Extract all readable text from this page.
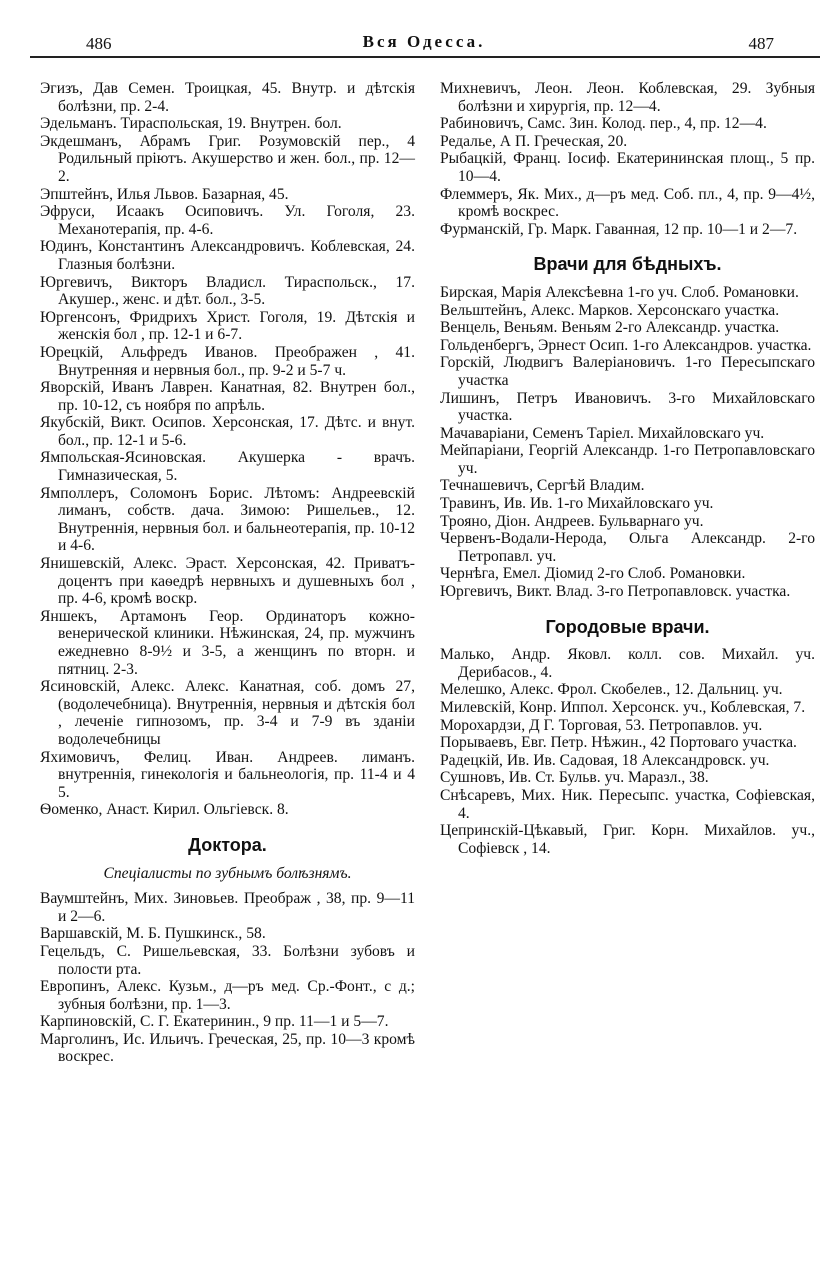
486	Вся Одесса.	487

Эгизъ, Дав Семен. Троицкая, 45. Внутр. и дѣтскія болѣзни, пр. 2-4.

Эдельманъ. Тираспольская, 19. Внутрен. бол.

Экдешманъ, Абрамъ Григ. Розумовскій пер., 4 Родильный пріютъ. Акушерство и жен. бол., пр. 12—2.

Эпштейнъ, Илья Львов. Базарная, 45.

Эфруси, Исаакъ Осиповичъ. Ул. Гоголя, 23. Механотерапія, пр. 4-6.

Юдинъ, Константинъ Александровичъ. Коблевская, 24. Глазныя болѣзни.

Юргевичъ, Викторъ Владисл. Тираспольск., 17. Акушер., женс. и дѣт. бол., 3-5.

Юргенсонъ, Фридрихъ Христ. Гоголя, 19. Дѣтскія и женскія бол , пр. 12-1 и 6-7.

Юрецкій, Альфредъ Иванов. Преображен , 41. Внутренняя и нервныя бол., пр. 9-2 и 5-7 ч.

Яворскій, Иванъ Лаврен. Канатная, 82. Внутрен бол., пр. 10-12, съ ноября по апрѣль.

Якубскій, Викт. Осипов. Херсонская, 17. Дѣтс. и внут. бол., пр. 12-1 и 5-6.

Ямпольская-Ясиновская. Акушерка - врачъ. Гимназическая, 5.

Ямполлеръ, Соломонъ Борис. Лѣтомъ: Андреевскій лиманъ, собств. дача. Зимою: Ришельев., 12. Внутреннія, нервныя бол. и бальнеотерапія, пр. 10-12 и 4-6.

Янишевскій, Алекс. Эраст. Херсонская, 42. Приватъ-доцентъ при каѳедрѣ нервныхъ и душевныхъ бол , пр. 4-6, кромѣ воскр.

Яншекъ, Артамонъ Геор. Ординаторъ кожно-венерической клиники. Нѣжинская, 24, пр. мужчинъ ежедневно 8-9½ и 3-5, а женщинъ по вторн. и пятниц. 2-3.

Ясиновскій, Алекс. Алекс. Канатная, соб. домъ 27, (водолечебница). Внутреннія, нервныя и дѣтскія бол , леченіе гипнозомъ, пр. 3-4 и 7-9 въ зданіи водолечебницы

Яхимовичъ, Фелиц. Иван. Андреев. лиманъ. внутреннія, гинекологія и бальнеологія, пр. 11-4 и 4 5.

Ѳоменко, Анаст. Кирил. Ольгіевск. 8.

Доктора.
Спеціалисты по зубнымъ болѣзнямъ.

Ваумштейнъ, Мих. Зиновьев. Преображ , 38, пр. 9—11 и 2—6.

Варшавскій, М. Б. Пушкинск., 58.

Гецельдъ, С. Ришельевская, 33. Болѣзни зубовъ и полости рта.

Европинъ, Алекс. Кузьм., д—ръ мед. Ср.-Фонт., с д.; зубныя болѣзни, пр. 1—3.

Карпиновскій, С. Г. Екатеринин., 9 пр. 11—1 и 5—7.

Марголинъ, Ис. Ильичъ. Греческая, 25, пр. 10—3 кромѣ воскрес.

Михневичъ, Леон. Леон. Коблевская, 29. Зубныя болѣзни и хирургія, пр. 12—4.

Рабиновичъ, Самс. Зин. Колод. пер., 4, пр. 12—4.

Редалье, А П. Греческая, 20.

Рыбацкій, Франц. Іосиф. Екатерининская площ., 5 пр. 10—4.

Флеммеръ, Як. Мих., д—ръ мед. Соб. пл., 4, пр. 9—4½, кромѣ воскрес.

Фурманскій, Гр. Марк. Гаванная, 12 пр. 10—1 и 2—7.

Врачи для бѣдныхъ.

Бирская, Марія Алексѣевна 1-го уч. Слоб. Романовки.

Вельштейнъ, Алекс. Марков. Херсонскаго участка.

Венцель, Веньям. Веньям 2-го Александр. участка.

Гольденбергъ, Эрнест Осип. 1-го Александров. участка.

Горскій, Людвигъ Валеріановичъ. 1-го Пересыпскаго участка

Лишинъ, Петръ Ивановичъ. 3-го Михайловскаго участка.

Мачаваріани, Семенъ Таріел. Михайловскаго уч.

Мейпаріани, Георгій Александр. 1-го Петропавловскаго уч.

Течнашевичъ, Сергѣй Владим.

Травинъ, Ив. Ив. 1-го Михайловскаго уч.

Трояно, Діон. Андреев. Бульварнаго уч.

Червенъ-Водали-Нерода, Ольга Александр. 2-го Петропавл. уч.

Чернѣга, Емел. Діомид 2-го Слоб. Романовки.

Юргевичъ, Викт. Влад. 3-го Петропавловск. участка.

Городовые врачи.

Малько, Андр. Яковл. колл. сов. Михайл. уч. Дерибасов., 4.

Мелешко, Алекс. Фрол. Скобелев., 12. Дальниц. уч.

Милевскій, Конр. Иппол. Херсонск. уч., Коблевская, 7.

Морохардзи, Д Г. Торговая, 53. Петропавлов. уч.

Порываевъ, Евг. Петр. Нѣжин., 42 Портоваго участка.

Радецкій, Ив. Ив. Садовая, 18 Александровск. уч.

Сушновъ, Ив. Ст. Бульв. уч. Маразл., 38.

Снѣсаревъ, Мих. Ник. Пересыпс. участка, Софіевская, 4.

Цепринскій-Цѣкавый, Григ. Корн. Михайлов. уч., Софіевск , 14.
